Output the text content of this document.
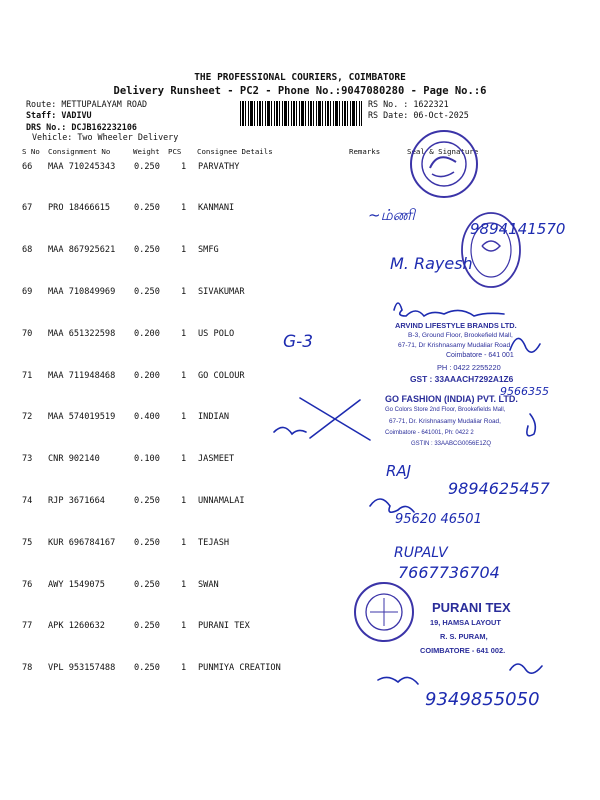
THE PROFESSIONAL COURIERS, COIMBATORE
Delivery Runsheet - PC2 - Phone No.:9047080280 - Page No.:6
Route: METTUPALAYAM ROAD
Staff: VADIVU
DRS No.: DCJB162232106
Vehicle: Two Wheeler Delivery
RS No. : 1622321
RS Date: 06-Oct-2025
S No Consignment No	Weight PCS Consignee Details	Remarks	Seal & Signature
66 MAA 710245343 0.250 1 PARVATHY
67 PRO 18466615	0.250 1 KANMANI
68 MAA 867925621 0.250 1 SMFG
69 MAA 710849969 0.250 1 SIVAKUMAR
70 MAA 651322598 0.200 1 US POLO
71 MAA 711948468 0.200 1 GO COLOUR
72 MAA 574019519 0.400 1 INDIAN
73 CNR 902140	0.100 1 JASMEET
74 RJP 3671664	0.250 1 UNNAMALAI
75 KUR 696784167 0.250 1 TEJASH
76 AWY 1549075	0.250 1 SWAN
77 APK 1260632	0.250 1 PURANI TEX
78 VPL 953157488 0.250 1 PUNMIYA CREATION
ARVIND LIFESTYLE BRANDS LTD.
B-3, Ground Floor, Brookefield Mall,
67-71, Dr Krishnasamy Mudaliar Road,
Coimbatore - 641 001
PH : 0422 2255220
GST : 33AAACH7292A1Z6
GO FASHION (INDIA) PVT. LTD.
Go Colors Store 2nd Floor, Brookefields Mall,
67-71, Dr. Krishnasamy Mudaliar Road,
Coimbatore - 641001, Ph: 0422 2
GSTIN : 33AABCG0056E1ZQ
PURANI TEX
19, HAMSA LAYOUT
R. S. PURAM,
COIMBATORE - 641 002.
~ம்ணி
9894141570
M. Rayesh
G-3
9566355
RAJ
9894625457
95620 46501
RUPALV
7667736704
9349855050
